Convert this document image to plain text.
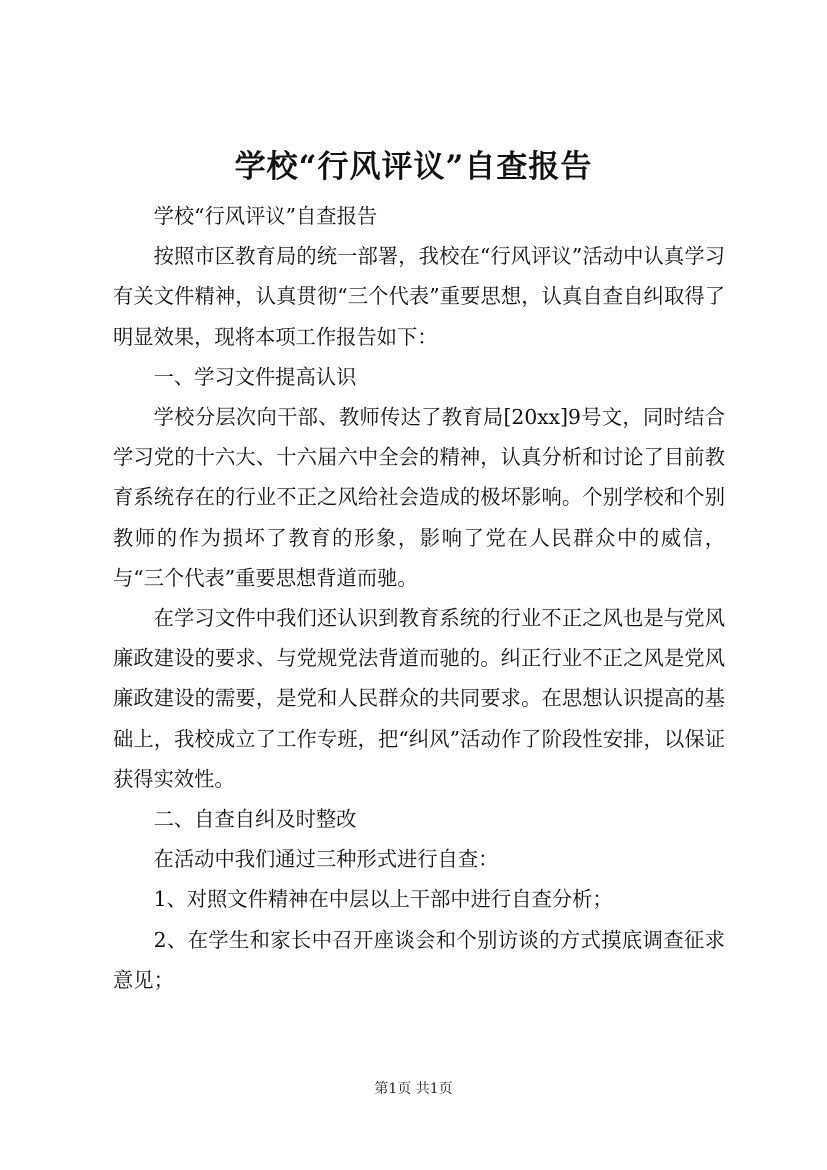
学校“行风评议”自查报告

学校“行风评议”自查报告

按照市区教育局的统一部署，我校在“行风评议”活动中认真学习有关文件精神，认真贯彻“三个代表”重要思想，认真自查自纠取得了明显效果，现将本项工作报告如下：

一、学习文件提高认识

学校分层次向干部、教师传达了教育局[20xx]9号文，同时结合学习党的十六大、十六届六中全会的精神，认真分析和讨论了目前教育系统存在的行业不正之风给社会造成的极坏影响。个别学校和个别教师的作为损坏了教育的形象，影响了党在人民群众中的威信，与“三个代表”重要思想背道而驰。

在学习文件中我们还认识到教育系统的行业不正之风也是与党风廉政建设的要求、与党规党法背道而驰的。纠正行业不正之风是党风廉政建设的需要，是党和人民群众的共同要求。在思想认识提高的基础上，我校成立了工作专班，把“纠风”活动作了阶段性安排，以保证获得实效性。

二、自查自纠及时整改

在活动中我们通过三种形式进行自查：

1、对照文件精神在中层以上干部中进行自查分析；

2、在学生和家长中召开座谈会和个别访谈的方式摸底调查征求意见；

第1页 共1页
